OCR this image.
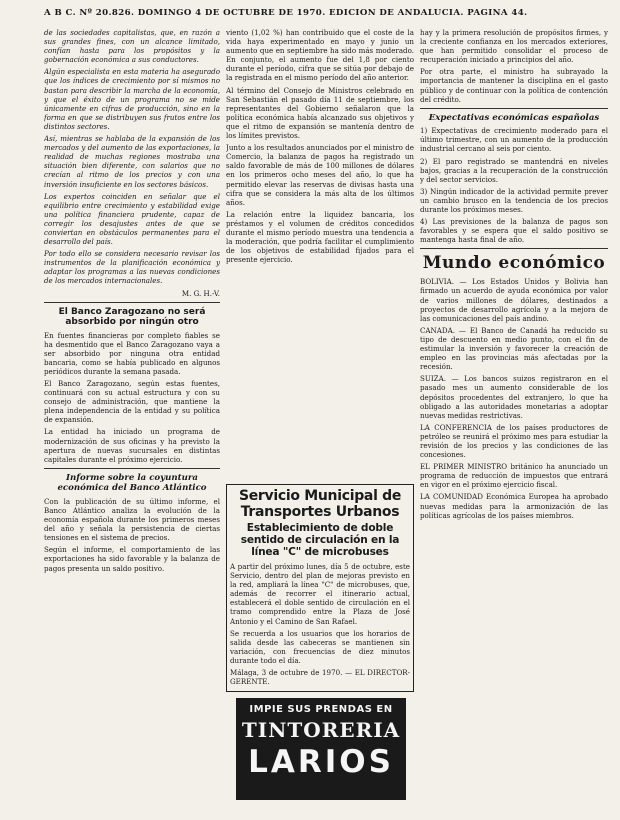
A B C. Nº 20.826. DOMINGO 4 DE OCTUBRE DE 1970. EDICION DE ANDALUCIA. PAGINA 44.

de las sociedades capitalistas, que, en razón a sus grandes fines, con un alcance limitado, confían hasta para los propósitos y la gobernación económica a sus conductores.

Algún especialista en esta materia ha asegurado que los índices de crecimiento por sí mismos no bastan para describir la marcha de la economía, y que el éxito de un programa no se mide únicamente en cifras de producción, sino en la forma en que se distribuyen sus frutos entre los distintos sectores.

Así, mientras se hablaba de la expansión de los mercados y del aumento de las exportaciones, la realidad de muchas regiones mostraba una situación bien diferente, con salarios que no crecían al ritmo de los precios y con una inversión insuficiente en los sectores básicos.

Los expertos coinciden en señalar que el equilibrio entre crecimiento y estabilidad exige una política financiera prudente, capaz de corregir los desajustes antes de que se conviertan en obstáculos permanentes para el desarrollo del país.

Por todo ello se considera necesario revisar los instrumentos de la planificación económica y adaptar los programas a las nuevas condiciones de los mercados internacionales.

M. G. H.-V.
El Banco Zaragozano no será absorbido por ningún otro

En fuentes financieras por completo fiables se ha desmentido que el Banco Zaragozano vaya a ser absorbido por ninguna otra entidad bancaria, como se había publicado en algunos periódicos durante la semana pasada.

El Banco Zaragozano, según estas fuentes, continuará con su actual estructura y con su consejo de administración, que mantiene la plena independencia de la entidad y su política de expansión.

La entidad ha iniciado un programa de modernización de sus oficinas y ha previsto la apertura de nuevas sucursales en distintas capitales durante el próximo ejercicio.

Informe sobre la coyuntura económica del Banco Atlántico

Con la publicación de su último informe, el Banco Atlántico analiza la evolución de la economía española durante los primeros meses del año y señala la persistencia de ciertas tensiones en el sistema de precios.

Según el informe, el comportamiento de las exportaciones ha sido favorable y la balanza de pagos presenta un saldo positivo.

viento (1,02 %) han contribuido que el coste de la vida haya experimentado en mayo y junio un aumento que en septiembre ha sido más moderado. En conjunto, el aumento fue del 1,8 por ciento durante el período, cifra que se sitúa por debajo de la registrada en el mismo período del año anterior.

Al término del Consejo de Ministros celebrado en San Sebastián el pasado día 11 de septiembre, los representantes del Gobierno señalaron que la política económica había alcanzado sus objetivos y que el ritmo de expansión se mantenía dentro de los límites previstos.

Junto a los resultados anunciados por el ministro de Comercio, la balanza de pagos ha registrado un saldo favorable de más de 100 millones de dólares en los primeros ocho meses del año, lo que ha permitido elevar las reservas de divisas hasta una cifra que se considera la más alta de los últimos años.

La relación entre la liquidez bancaria, los préstamos y el volumen de créditos concedidos durante el mismo período muestra una tendencia a la moderación, que podría facilitar el cumplimiento de los objetivos de estabilidad fijados para el presente ejercicio.

Servicio Municipal de Transportes Urbanos
Establecimiento de doble sentido de circulación en la línea "C" de microbuses

A partir del próximo lunes, día 5 de octubre, este Servicio, dentro del plan de mejoras previsto en la red, ampliará la línea "C" de microbuses, que, además de recorrer el itinerario actual, establecerá el doble sentido de circulación en el tramo comprendido entre la Plaza de José Antonio y el Camino de San Rafael.

Se recuerda a los usuarios que los horarios de salida desde las cabeceras se mantienen sin variación, con frecuencias de diez minutos durante todo el día.

Málaga, 3 de octubre de 1970. — EL DIRECTOR-GERENTE.

IMPIE SUS PRENDAS EN
TINTORERIA
LARIOS

hay y la primera resolución de propósitos firmes, y la creciente confianza en los mercados exteriores, que han permitido consolidar el proceso de recuperación iniciado a principios del año.

Por otra parte, el ministro ha subrayado la importancia de mantener la disciplina en el gasto público y de continuar con la política de contención del crédito.

Expectativas económicas españolas

1) Expectativas de crecimiento moderado para el último trimestre, con un aumento de la producción industrial cercano al seis por ciento.

2) El paro registrado se mantendrá en niveles bajos, gracias a la recuperación de la construcción y del sector servicios.

3) Ningún indicador de la actividad permite prever un cambio brusco en la tendencia de los precios durante los próximos meses.

4) Las previsiones de la balanza de pagos son favorables y se espera que el saldo positivo se mantenga hasta final de año.

Mundo económico

BOLIVIA. — Los Estados Unidos y Bolivia han firmado un acuerdo de ayuda económica por valor de varios millones de dólares, destinados a proyectos de desarrollo agrícola y a la mejora de las comunicaciones del país andino.

CANADA. — El Banco de Canadá ha reducido su tipo de descuento en medio punto, con el fin de estimular la inversión y favorecer la creación de empleo en las provincias más afectadas por la recesión.

SUIZA. — Los bancos suizos registraron en el pasado mes un aumento considerable de los depósitos procedentes del extranjero, lo que ha obligado a las autoridades monetarias a adoptar nuevas medidas restrictivas.

LA CONFERENCIA de los países productores de petróleo se reunirá el próximo mes para estudiar la revisión de los precios y las condiciones de las concesiones.

EL PRIMER MINISTRO británico ha anunciado un programa de reducción de impuestos que entrará en vigor en el próximo ejercicio fiscal.

LA COMUNIDAD Económica Europea ha aprobado nuevas medidas para la armonización de las políticas agrícolas de los países miembros.
